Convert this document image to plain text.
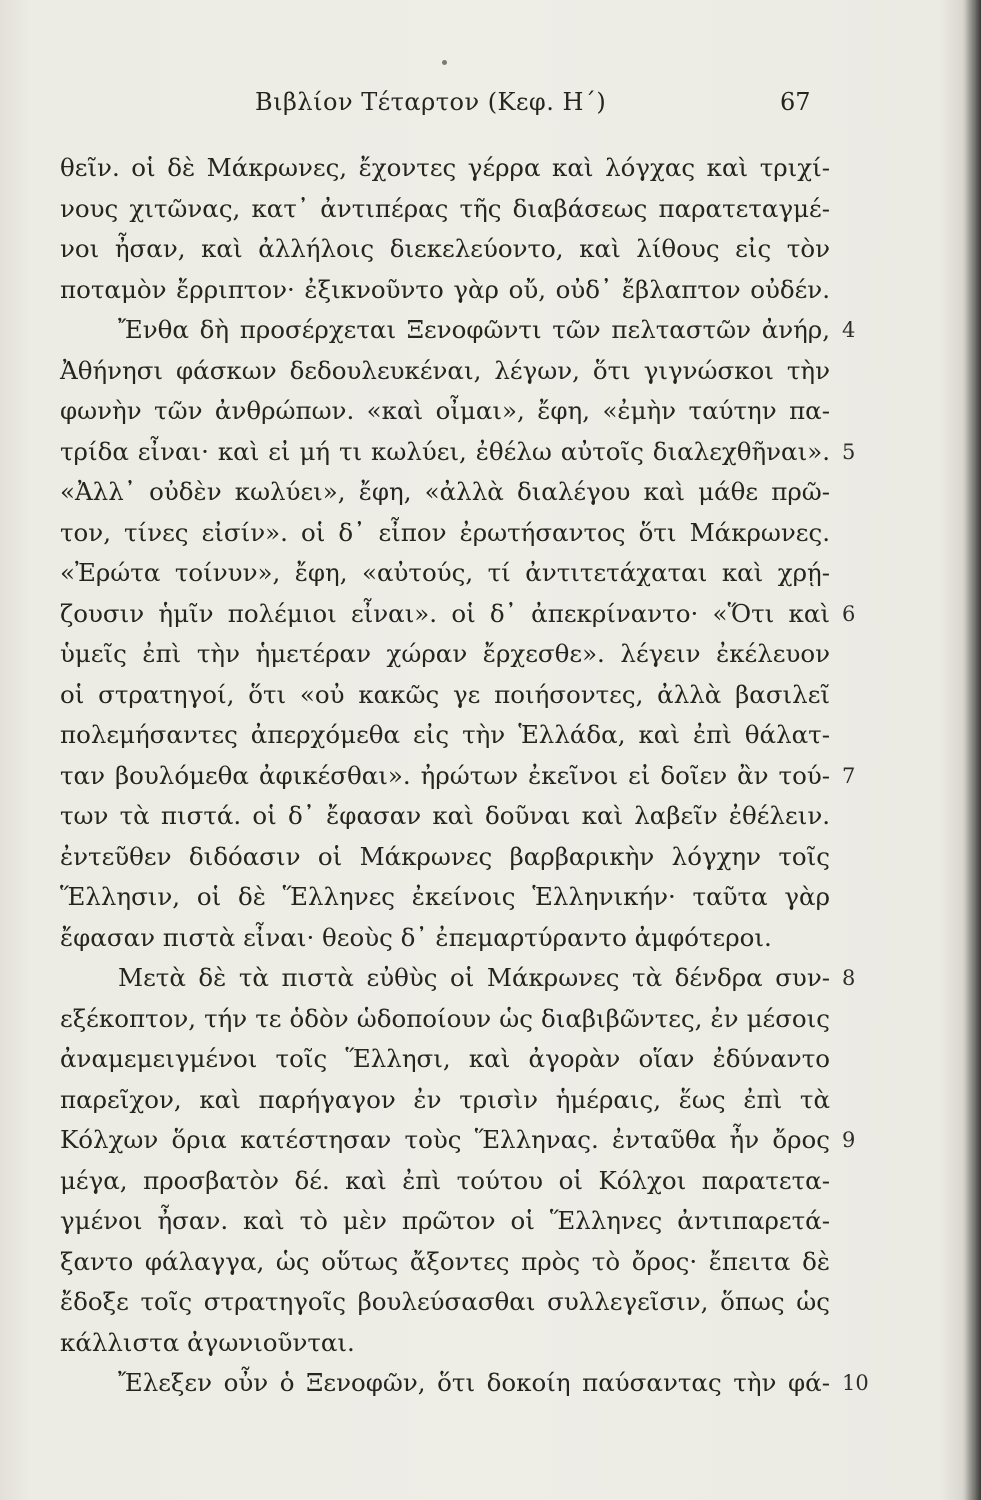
Βιβλίον Τέταρτον (Κεφ. Η΄)	67
θεῖν. οἱ δὲ Μάκρωνες, ἔχοντες γέρρα καὶ λόγχας καὶ τριχί-
νους χιτῶνας, κατ᾿ ἀντιπέρας τῆς διαβάσεως παρατεταγμέ-
νοι ἦσαν, καὶ ἀλλήλοις διεκελεύοντο, καὶ λίθους εἰς τὸν
ποταμὸν ἔρριπτον· ἐξικνοῦντο γὰρ οὔ, οὐδ᾿ ἔβλαπτον οὐδέν.
Ἔνθα δὴ προσέρχεται Ξενοφῶντι τῶν πελταστῶν ἀνήρ,
Ἀθήνησι φάσκων δεδουλευκέναι, λέγων, ὅτι γιγνώσκοι τὴν
φωνὴν τῶν ἀνθρώπων. «καὶ οἶμαι», ἔφη, «ἐμὴν ταύτην πα-
τρίδα εἶναι· καὶ εἰ μή τι κωλύει, ἐθέλω αὐτοῖς διαλεχθῆναι».
«Ἀλλ᾿ οὐδὲν κωλύει», ἔφη, «ἀλλὰ διαλέγου καὶ μάθε πρῶ-
τον, τίνες εἰσίν». οἱ δ᾿ εἶπον ἐρωτήσαντος ὅτι Μάκρωνες.
«Ἐρώτα τοίνυν», ἔφη, «αὐτούς, τί ἀντιτετάχαται καὶ χρῄ-
ζουσιν ἡμῖν πολέμιοι εἶναι». οἱ δ᾿ ἀπεκρίναντο· «Ὅτι καὶ
ὑμεῖς ἐπὶ τὴν ἡμετέραν χώραν ἔρχεσθε». λέγειν ἐκέλευον
οἱ στρατηγοί, ὅτι «οὐ κακῶς γε ποιήσοντες, ἀλλὰ βασιλεῖ
πολεμήσαντες ἀπερχόμεθα εἰς τὴν Ἑλλάδα, καὶ ἐπὶ θάλατ-
ταν βουλόμεθα ἀφικέσθαι». ἠρώτων ἐκεῖνοι εἰ δοῖεν ἂν τού-
των τὰ πιστά. οἱ δ᾿ ἔφασαν καὶ δοῦναι καὶ λαβεῖν ἐθέλειν.
ἐντεῦθεν διδόασιν οἱ Μάκρωνες βαρβαρικὴν λόγχην τοῖς
Ἕλλησιν, οἱ δὲ Ἕλληνες ἐκείνοις Ἑλληνικήν· ταῦτα γὰρ
ἔφασαν πιστὰ εἶναι· θεοὺς δ᾿ ἐπεμαρτύραντο ἀμφότεροι.
Μετὰ δὲ τὰ πιστὰ εὐθὺς οἱ Μάκρωνες τὰ δένδρα συν-
εξέκοπτον, τήν τε ὁδὸν ὡδοποίουν ὡς διαβιβῶντες, ἐν μέσοις
ἀναμεμειγμένοι τοῖς Ἕλλησι, καὶ ἀγορὰν οἵαν ἐδύναντο
παρεῖχον, καὶ παρήγαγον ἐν τρισὶν ἡμέραις, ἕως ἐπὶ τὰ
Κόλχων ὅρια κατέστησαν τοὺς Ἕλληνας. ἐνταῦθα ἦν ὄρος
μέγα, προσβατὸν δέ. καὶ ἐπὶ τούτου οἱ Κόλχοι παρατετα-
γμένοι ἦσαν. καὶ τὸ μὲν πρῶτον οἱ Ἕλληνες ἀντιπαρετά-
ξαντο φάλαγγα, ὡς οὕτως ἄξοντες πρὸς τὸ ὄρος· ἔπειτα δὲ
ἔδοξε τοῖς στρατηγοῖς βουλεύσασθαι συλλεγεῖσιν, ὅπως ὡς
κάλλιστα ἀγωνιοῦνται.
Ἔλεξεν οὖν ὁ Ξενοφῶν, ὅτι δοκοίη παύσαντας τὴν φά-
4
5
6
7
8
9
10
